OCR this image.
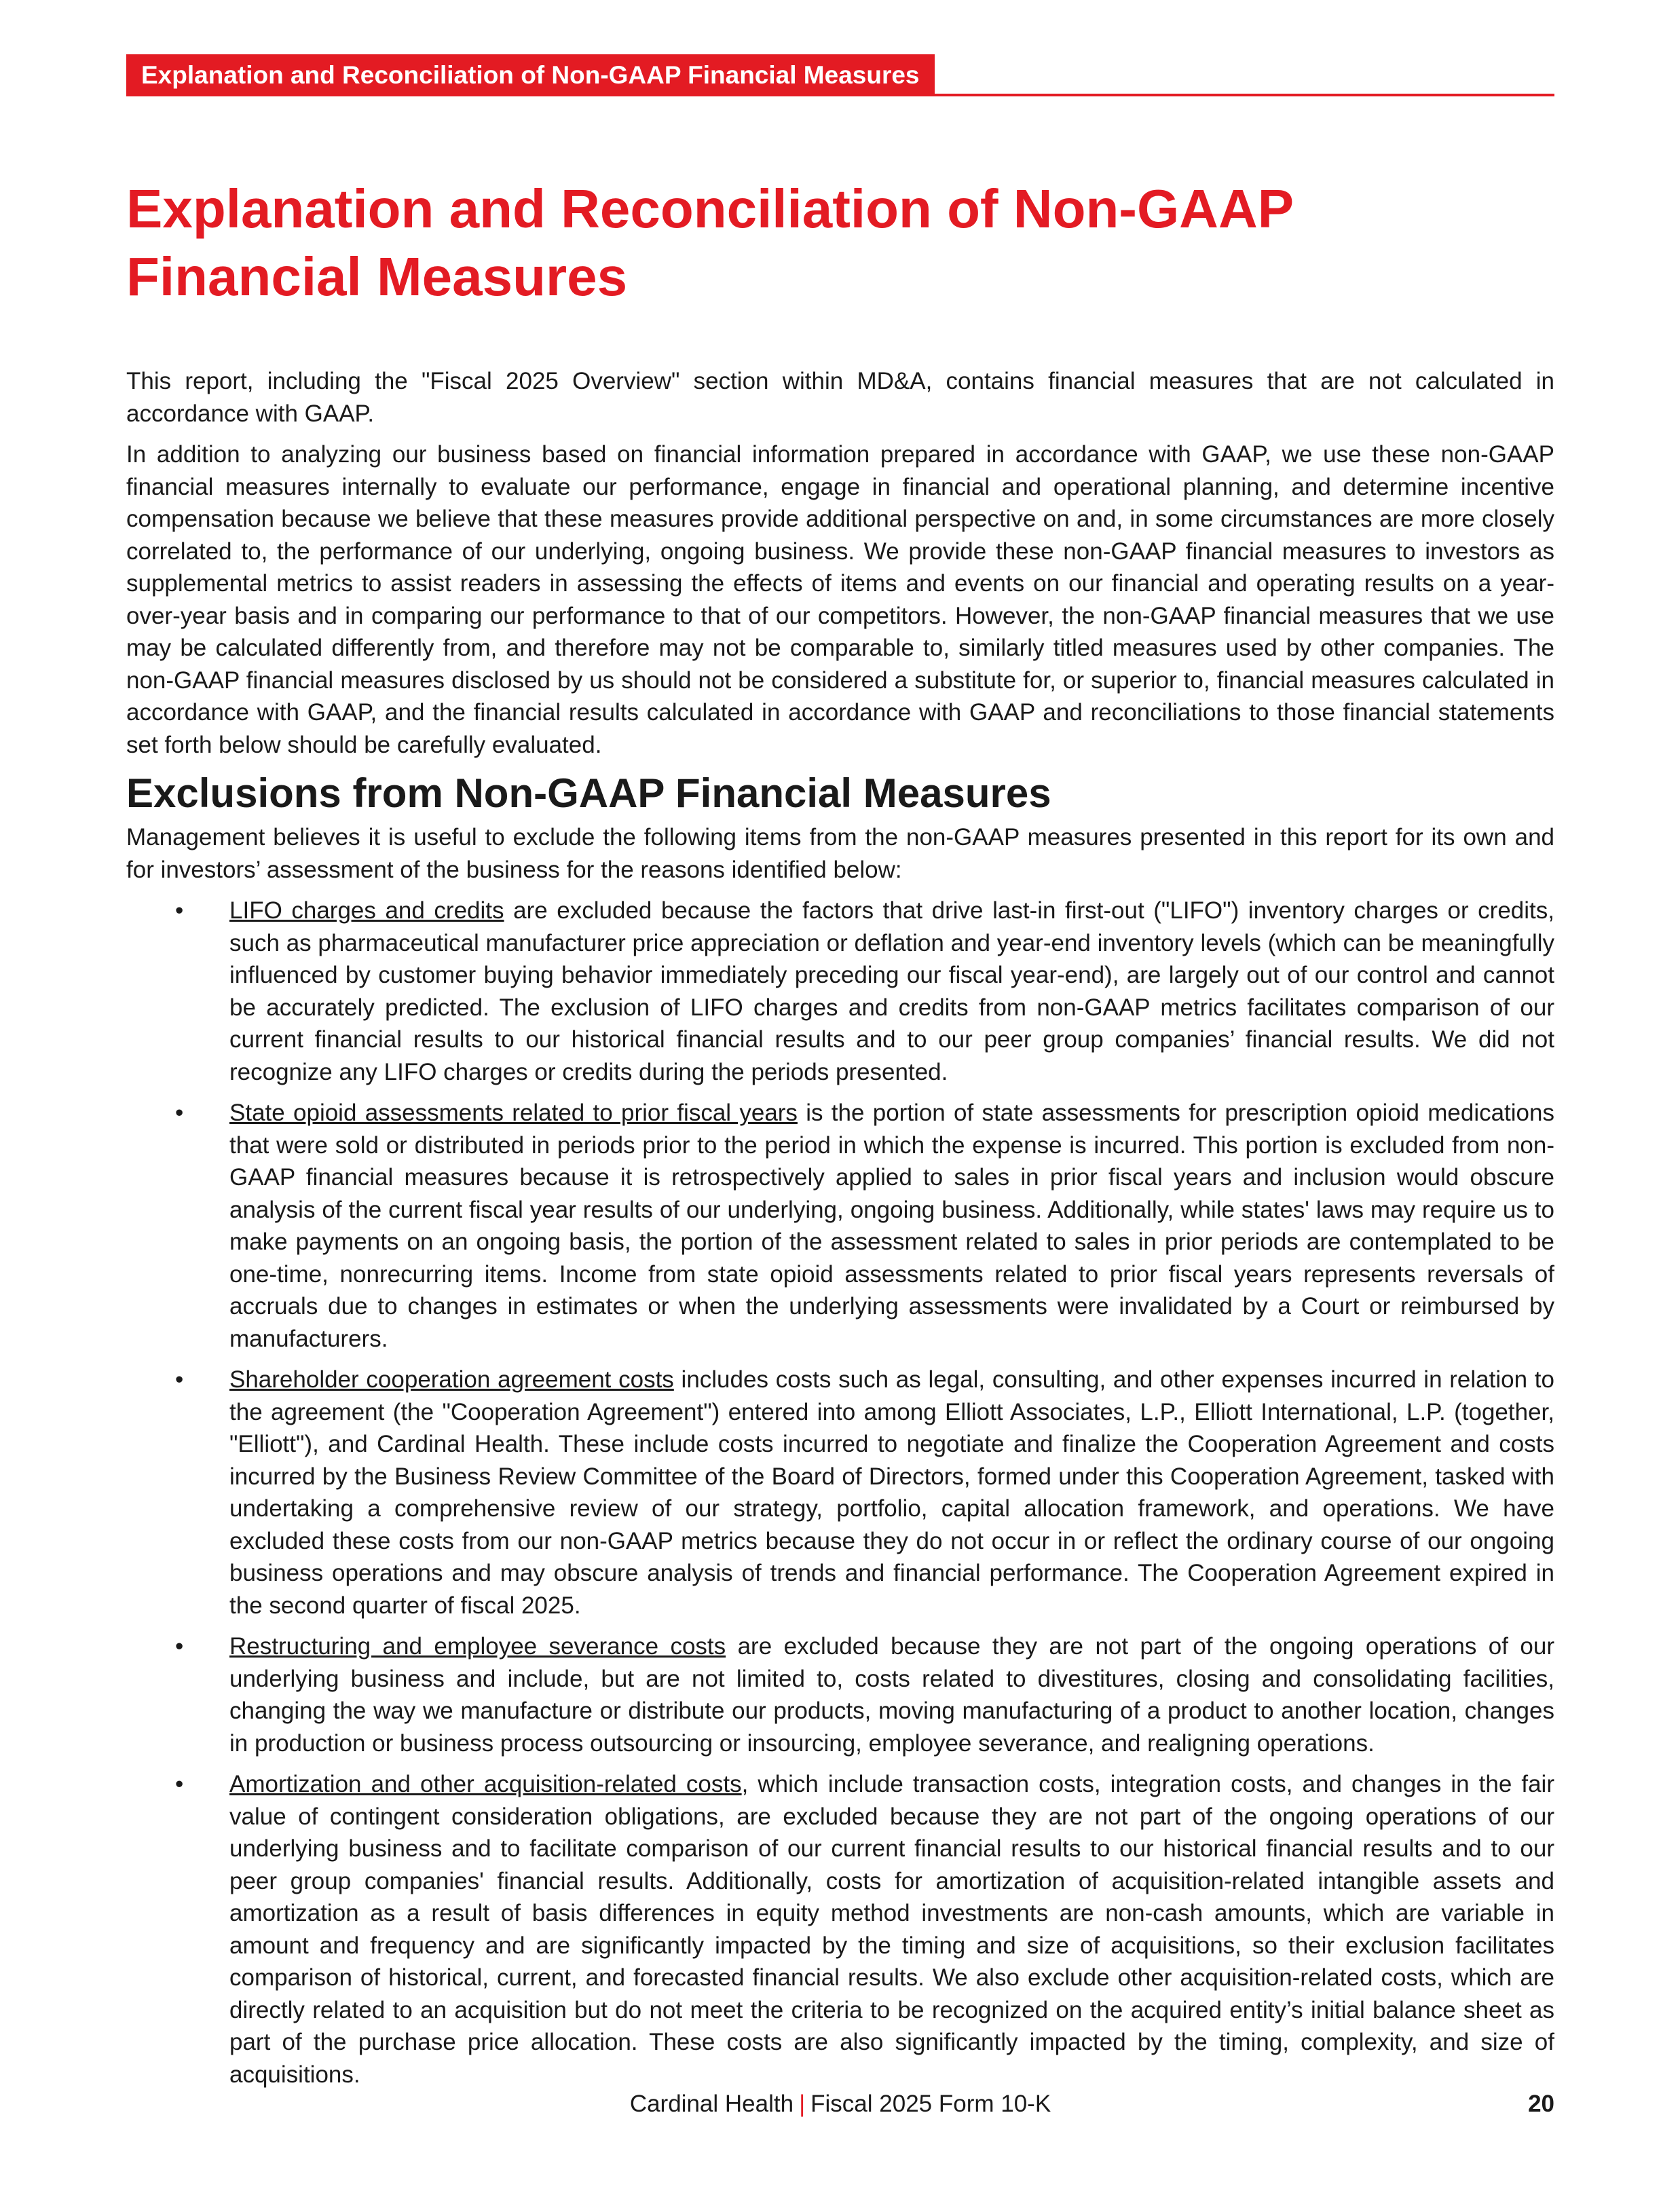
Explanation and Reconciliation of Non-GAAP Financial Measures
Explanation and Reconciliation of Non-GAAP Financial Measures

This report, including the "Fiscal 2025 Overview" section within MD&A, contains financial measures that are not calculated in accordance with GAAP.

In addition to analyzing our business based on financial information prepared in accordance with GAAP, we use these non-GAAP financial measures internally to evaluate our performance, engage in financial and operational planning, and determine incentive compensation because we believe that these measures provide additional perspective on and, in some circumstances are more closely correlated to, the performance of our underlying, ongoing business. We provide these non-GAAP financial measures to investors as supplemental metrics to assist readers in assessing the effects of items and events on our financial and operating results on a year-over-year basis and in comparing our performance to that of our competitors. However, the non-GAAP financial measures that we use may be calculated differently from, and therefore may not be comparable to, similarly titled measures used by other companies. The non-GAAP financial measures disclosed by us should not be considered a substitute for, or superior to, financial measures calculated in accordance with GAAP, and the financial results calculated in accordance with GAAP and reconciliations to those financial statements set forth below should be carefully evaluated.

Exclusions from Non-GAAP Financial Measures

Management believes it is useful to exclude the following items from the non-GAAP measures presented in this report for its own and for investors’ assessment of the business for the reasons identified below:

• LIFO charges and credits are excluded because the factors that drive last-in first-out ("LIFO") inventory charges or credits, such as pharmaceutical manufacturer price appreciation or deflation and year-end inventory levels (which can be meaningfully influenced by customer buying behavior immediately preceding our fiscal year-end), are largely out of our control and cannot be accurately predicted. The exclusion of LIFO charges and credits from non-GAAP metrics facilitates comparison of our current financial results to our historical financial results and to our peer group companies’ financial results. We did not recognize any LIFO charges or credits during the periods presented.
• State opioid assessments related to prior fiscal years is the portion of state assessments for prescription opioid medications that were sold or distributed in periods prior to the period in which the expense is incurred. This portion is excluded from non-GAAP financial measures because it is retrospectively applied to sales in prior fiscal years and inclusion would obscure analysis of the current fiscal year results of our underlying, ongoing business. Additionally, while states' laws may require us to make payments on an ongoing basis, the portion of the assessment related to sales in prior periods are contemplated to be one-time, nonrecurring items. Income from state opioid assessments related to prior fiscal years represents reversals of accruals due to changes in estimates or when the underlying assessments were invalidated by a Court or reimbursed by manufacturers.
• Shareholder cooperation agreement costs includes costs such as legal, consulting, and other expenses incurred in relation to the agreement (the "Cooperation Agreement") entered into among Elliott Associates, L.P., Elliott International, L.P. (together, "Elliott"), and Cardinal Health. These include costs incurred to negotiate and finalize the Cooperation Agreement and costs incurred by the Business Review Committee of the Board of Directors, formed under this Cooperation Agreement, tasked with undertaking a comprehensive review of our strategy, portfolio, capital allocation framework, and operations. We have excluded these costs from our non-GAAP metrics because they do not occur in or reflect the ordinary course of our ongoing business operations and may obscure analysis of trends and financial performance. The Cooperation Agreement expired in the second quarter of fiscal 2025.
• Restructuring and employee severance costs are excluded because they are not part of the ongoing operations of our underlying business and include, but are not limited to, costs related to divestitures, closing and consolidating facilities, changing the way we manufacture or distribute our products, moving manufacturing of a product to another location, changes in production or business process outsourcing or insourcing, employee severance, and realigning operations.
• Amortization and other acquisition-related costs, which include transaction costs, integration costs, and changes in the fair value of contingent consideration obligations, are excluded because they are not part of the ongoing operations of our underlying business and to facilitate comparison of our current financial results to our historical financial results and to our peer group companies' financial results. Additionally, costs for amortization of acquisition-related intangible assets and amortization as a result of basis differences in equity method investments are non-cash amounts, which are variable in amount and frequency and are significantly impacted by the timing and size of acquisitions, so their exclusion facilitates comparison of historical, current, and forecasted financial results. We also exclude other acquisition-related costs, which are directly related to an acquisition but do not meet the criteria to be recognized on the acquired entity’s initial balance sheet as part of the purchase price allocation. These costs are also significantly impacted by the timing, complexity, and size of acquisitions.
Cardinal Health | Fiscal 2025 Form 10-K	20
